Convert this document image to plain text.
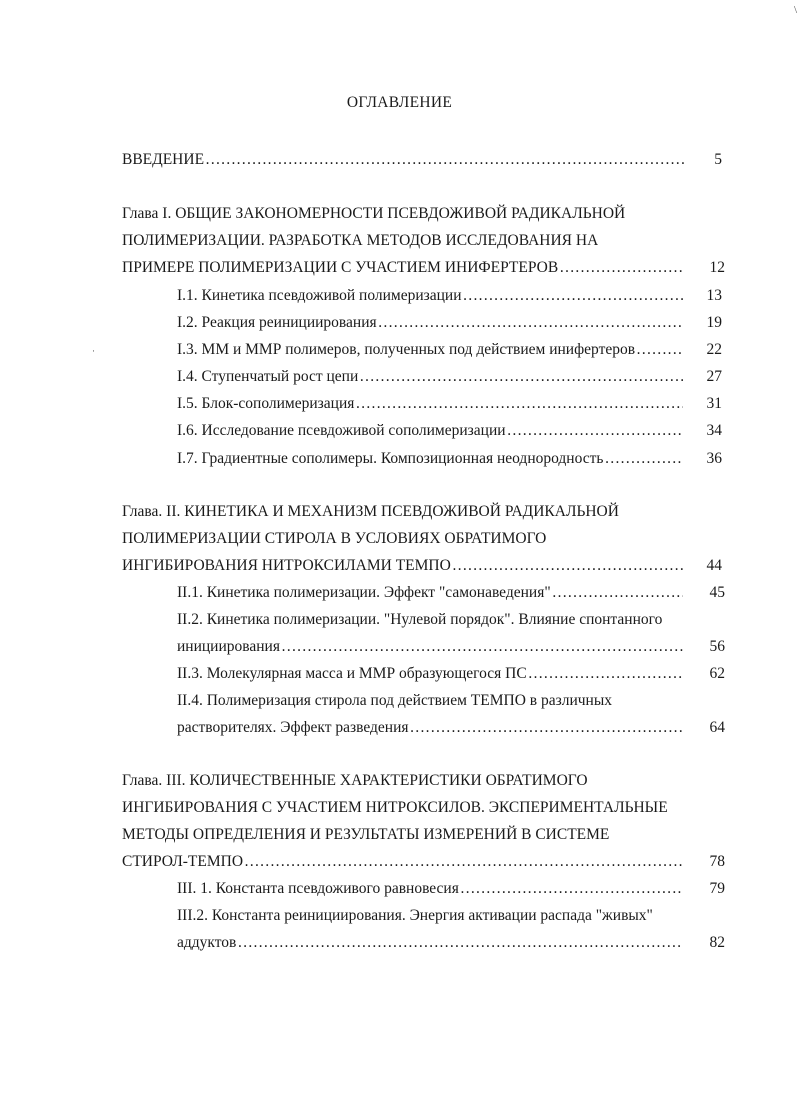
\
·
ОГЛАВЛЕНИЕ
ВВЕДЕНИЕ ………………………………………………………………………………………………………………………………………………………………………………	5
Глава I. ОБЩИЕ ЗАКОНОМЕРНОСТИ ПСЕВДОЖИВОЙ РАДИКАЛЬНОЙ
ПОЛИМЕРИЗАЦИИ. РАЗРАБОТКА МЕТОДОВ ИССЛЕДОВАНИЯ НА
ПРИМЕРЕ ПОЛИМЕРИЗАЦИИ С УЧАСТИЕМ ИНИФЕРТЕРОВ ………………………………………………………………………………………………………………………………………………………………………………	12
I.1. Кинетика псевдоживой полимеризации ………………………………………………………………………………………………………………………………………………………………………………	13
I.2. Реакция реинициирования ………………………………………………………………………………………………………………………………………………………………………………	19
I.3. ММ и ММР полимеров, полученных под действием инифертеров ………………………………………………………………………………………………………………………………………………………………………………	22
I.4. Ступенчатый рост цепи ………………………………………………………………………………………………………………………………………………………………………………	27
I.5. Блок-сополимеризация ………………………………………………………………………………………………………………………………………………………………………………	31
I.6. Исследование псевдоживой сополимеризации ………………………………………………………………………………………………………………………………………………………………………………	34
I.7. Градиентные сополимеры. Композиционная неоднородность ………………………………………………………………………………………………………………………………………………………………………………	36
Глава. II. КИНЕТИКА И МЕХАНИЗМ ПСЕВДОЖИВОЙ РАДИКАЛЬНОЙ
ПОЛИМЕРИЗАЦИИ СТИРОЛА В УСЛОВИЯХ ОБРАТИМОГО
ИНГИБИРОВАНИЯ НИТРОКСИЛАМИ ТЕМПО ………………………………………………………………………………………………………………………………………………………………………………	44
II.1. Кинетика полимеризации. Эффект "самонаведения" ………………………………………………………………………………………………………………………………………………………………………………	45
II.2. Кинетика полимеризации. "Нулевой порядок". Влияние спонтанного
инициирования ………………………………………………………………………………………………………………………………………………………………………………	56
II.3. Молекулярная масса и ММР образующегося ПС ………………………………………………………………………………………………………………………………………………………………………………	62
II.4. Полимеризация стирола под действием ТЕМПО в различных
растворителях. Эффект разведения ………………………………………………………………………………………………………………………………………………………………………………	64
Глава. III. КОЛИЧЕСТВЕННЫЕ ХАРАКТЕРИСТИКИ ОБРАТИМОГО
ИНГИБИРОВАНИЯ С УЧАСТИЕМ НИТРОКСИЛОВ. ЭКСПЕРИМЕНТАЛЬНЫЕ
МЕТОДЫ ОПРЕДЕЛЕНИЯ И РЕЗУЛЬТАТЫ ИЗМЕРЕНИЙ В СИСТЕМЕ
СТИРОЛ-ТЕМПО ………………………………………………………………………………………………………………………………………………………………………………	78
III. 1. Константа псевдоживого равновесия ………………………………………………………………………………………………………………………………………………………………………………	79
III.2. Константа реинициирования. Энергия активации распада "живых"
аддуктов ………………………………………………………………………………………………………………………………………………………………………………	82
